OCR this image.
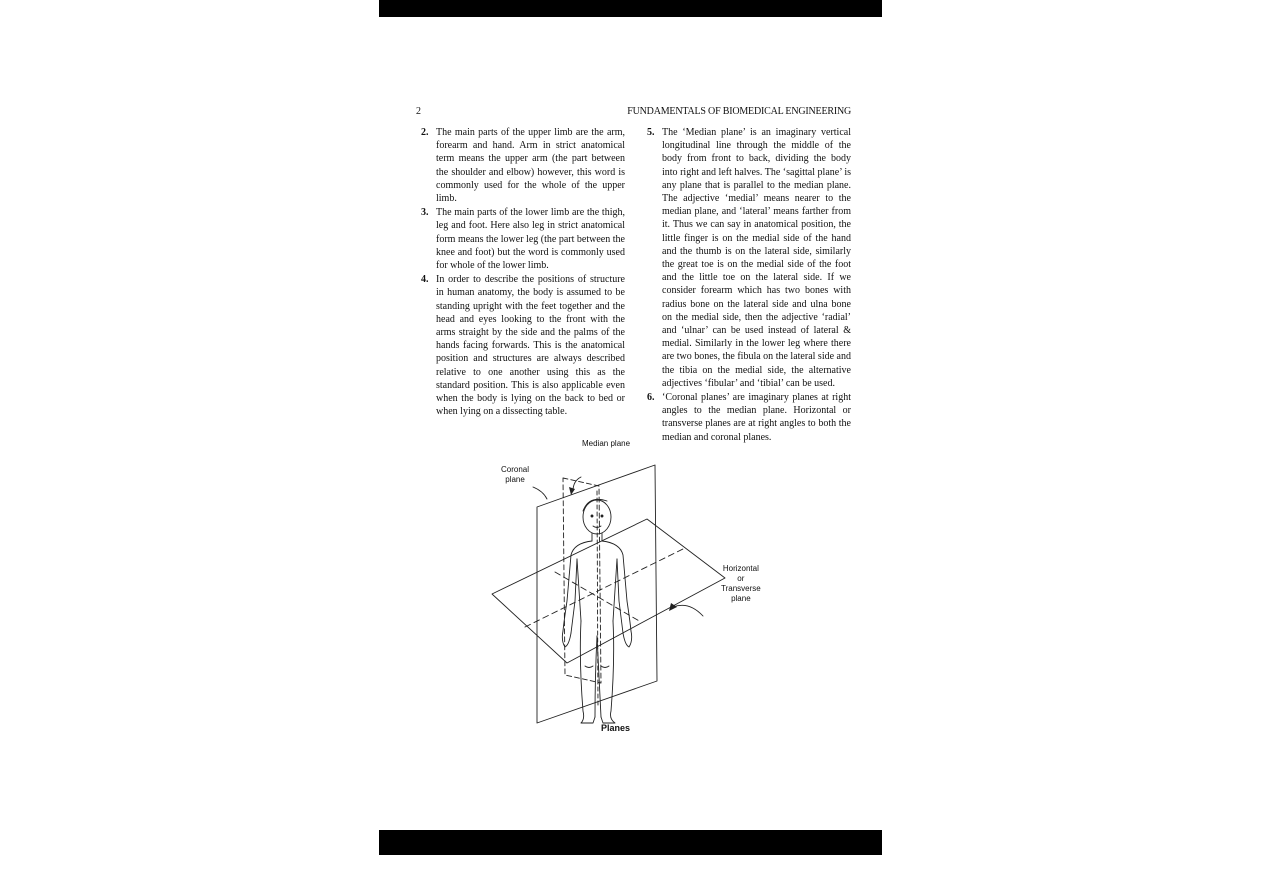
2	FUNDAMENTALS OF BIOMEDICAL ENGINEERING
2. The main parts of the upper limb are the arm, forearm and hand. Arm in strict anatomical term means the upper arm (the part between the shoulder and elbow) however, this word is commonly used for the whole of the upper limb.
3. The main parts of the lower limb are the thigh, leg and foot. Here also leg in strict anatomical form means the lower leg (the part between the knee and foot) but the word is commonly used for whole of the lower limb.
4. In order to describe the positions of structure in human anatomy, the body is assumed to be standing upright with the feet together and the head and eyes looking to the front with the arms straight by the side and the palms of the hands facing forwards. This is the anatomical position and structures are always described relative to one another using this as the standard position. This is also applicable even when the body is lying on the back to bed or when lying on a dissecting table.
5. The ‘Median plane’ is an imaginary vertical longitudinal line through the middle of the body from front to back, dividing the body into right and left halves. The ‘sagittal plane’ is any plane that is parallel to the median plane. The adjective ‘medial’ means nearer to the median plane, and ‘lateral’ means farther from it. Thus we can say in anatomical position, the little finger is on the medial side of the hand and the thumb is on the lateral side, similarly the great toe is on the medial side of the foot and the little toe on the lateral side. If we consider forearm which has two bones with radius bone on the lateral side and ulna bone on the medial side, then the adjective ‘radial’ and ‘ulnar’ can be used instead of lateral & medial. Similarly in the lower leg where there are two bones, the fibula on the lateral side and the tibia on the medial side, the alternative adjectives ‘fibular’ and ‘tibial’ can be used.
6. ‘Coronal planes’ are imaginary planes at right angles to the median plane. Horizontal or transverse planes are at right angles to both the median and coronal planes.
Median plane
Coronal
plane
Horizontal
or
Transverse
plane
Planes
